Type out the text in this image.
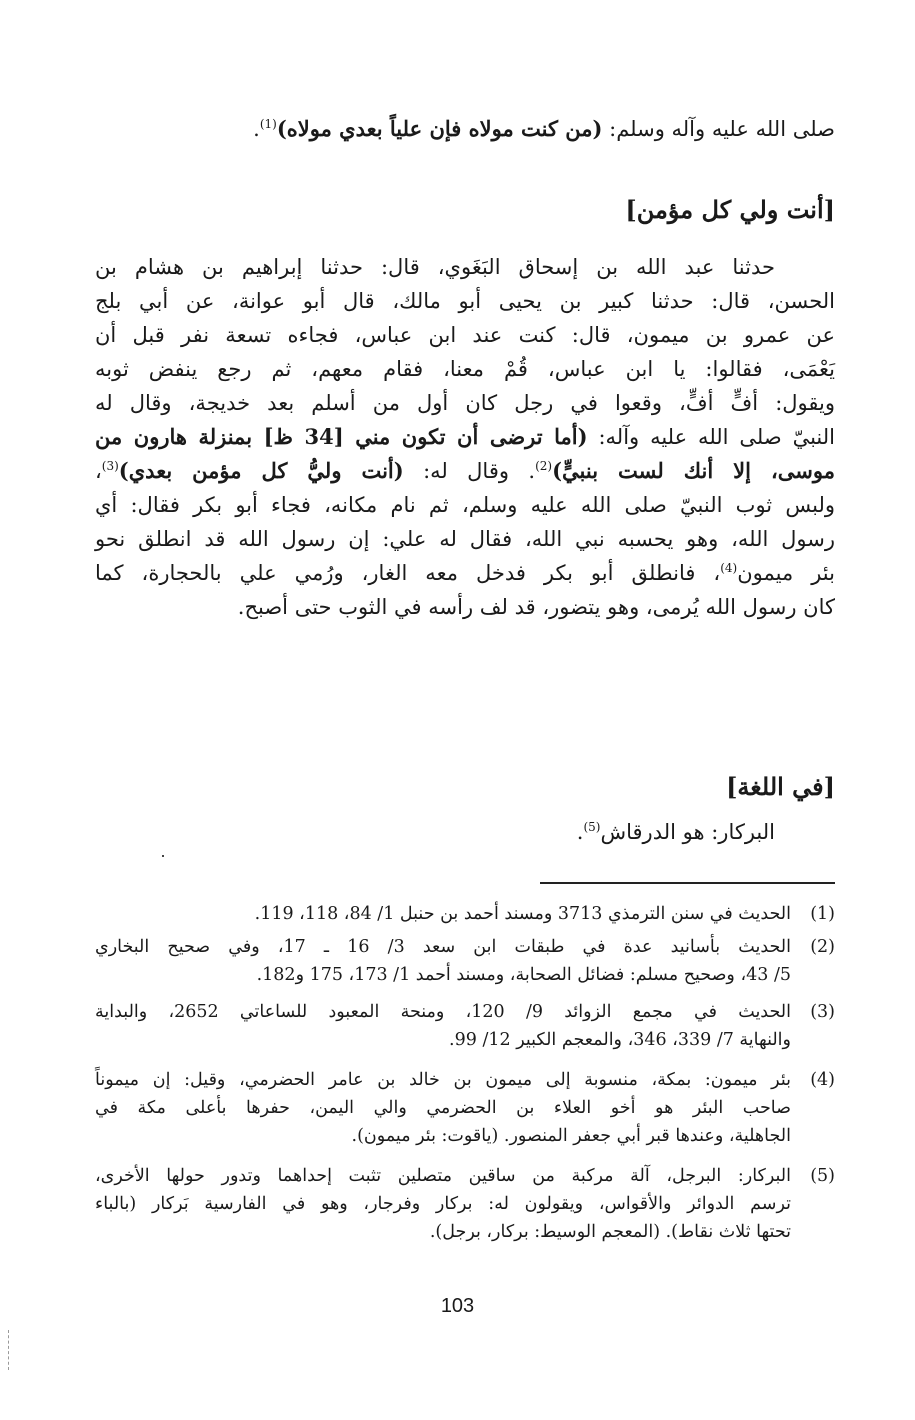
صلى الله عليه وآله وسلم: (من كنت مولاه فإن علياً بعدي مولاه)$^{(1)}$.
[أنت ولي كل مؤمن]
حدثنا عبد الله بن إسحاق البَغَوي، قال: حدثنا إبراهيم بن هشام بن
الحسن، قال: حدثنا كبير بن يحيى أبو مالك، قال أبو عوانة، عن أبي بلج
عن عمرو بن ميمون، قال: كنت عند ابن عباس، فجاءه تسعة نفر قبل أن
يَعْمَى، فقالوا: يا ابن عباس، قُمْ معنا، فقام معهم، ثم رجع ينفض ثوبه
ويقول: أفٍّ أفٍّ، وقعوا في رجل كان أول من أسلم بعد خديجة، وقال له
النبيّ صلى الله عليه وآله: (أما ترضى أن تكون مني [34 ظ] بمنزلة هارون من
موسى، إلا أنك لست بنبيٍّ)$^{(2)}$. وقال له: (أنت وليُّ كل مؤمن بعدي)$^{(3)}$،
ولبس ثوب النبيّ صلى الله عليه وسلم، ثم نام مكانه، فجاء أبو بكر فقال: أي
رسول الله، وهو يحسبه نبي الله، فقال له علي: إن رسول الله قد انطلق نحو
بئر ميمون$^{(4)}$، فانطلق أبو بكر فدخل معه الغار، ورُمي علي بالحجارة، كما
كان رسول الله يُرمى، وهو يتضور، قد لف رأسه في الثوب حتى أصبح.
[في اللغة]
البركار: هو الدرقاش$^{(5)}$.
(1)
الحديث في سنن الترمذي 3713 ومسند أحمد بن حنبل 1/ 84، 118، 119.
(2)
الحديث بأسانيد عدة في طبقات ابن سعد 3/ 16 ـ 17، وفي صحيح البخاري
5/ 43، وصحيح مسلم: فضائل الصحابة، ومسند أحمد 1/ 173، 175 و182.
(3)
الحديث في مجمع الزوائد 9/ 120، ومنحة المعبود للساعاتي 2652، والبداية
والنهاية 7/ 339، 346، والمعجم الكبير 12/ 99.
(4)
بئر ميمون: بمكة، منسوبة إلى ميمون بن خالد بن عامر الحضرمي، وقيل: إن ميموناً
صاحب البئر هو أخو العلاء بن الحضرمي والي اليمن، حفرها بأعلى مكة في
الجاهلية، وعندها قبر أبي جعفر المنصور. (ياقوت: بئر ميمون).
(5)
البركار: البرجل، آلة مركبة من ساقين متصلين تثبت إحداهما وتدور حولها الأخرى،
ترسم الدوائر والأقواس، ويقولون له: بركار وفرجار، وهو في الفارسية بَركار (بالباء
تحتها ثلاث نقاط). (المعجم الوسيط: بركار، برجل).
103
